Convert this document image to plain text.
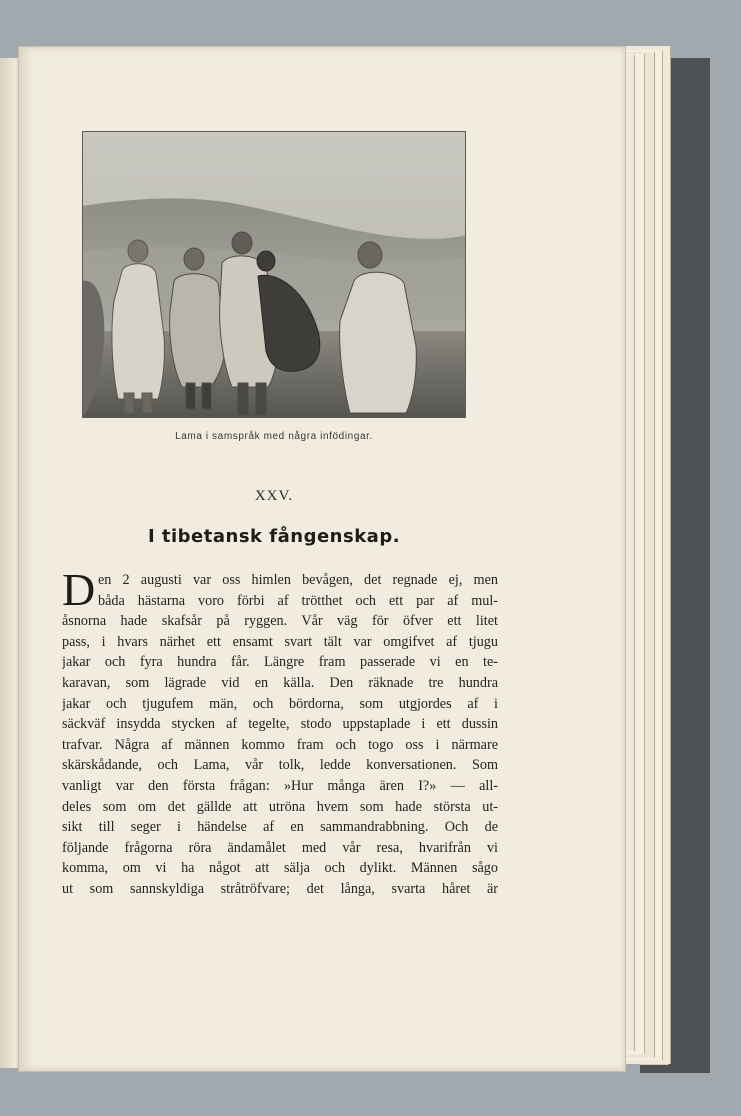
Lama i samspråk med några infödingar.
XXV.
I tibetansk fångenskap.
D en 2 augusti var oss himlen bevågen, det regnade ej, men
båda hästarna voro förbi af trötthet och ett par af mul-
åsnorna hade skafsår på ryggen. Vår väg för öfver ett litet
pass, i hvars närhet ett ensamt svart tält var omgifvet af tjugu
jakar och fyra hundra får. Längre fram passerade vi en te-
karavan, som lägrade vid en källa. Den räknade tre hundra
jakar och tjugufem män, och bördorna, som utgjordes af i
säckväf insydda stycken af tegelte, stodo uppstaplade i ett dussin
trafvar. Några af männen kommo fram och togo oss i närmare
skärskådande, och Lama, vår tolk, ledde konversationen. Som
vanligt var den första frågan: »Hur många ären I?» — all-
deles som om det gällde att utröna hvem som hade största ut-
sikt till seger i händelse af en sammandrabbning. Och de
följande frågorna röra ändamålet med vår resa, hvarifrån vi
komma, om vi ha något att sälja och dylikt. Männen sågo
ut som sannskyldiga stråtröfvare; det långa, svarta håret är
